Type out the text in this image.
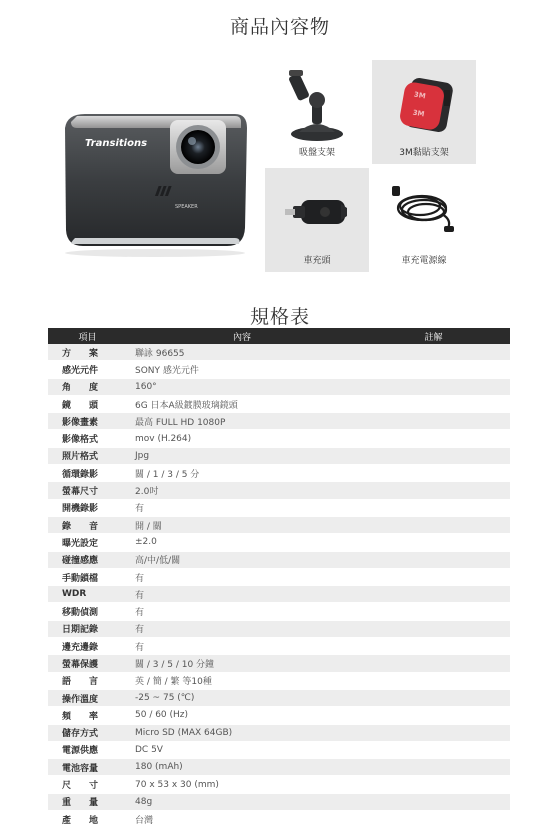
商品內容物
Transitions
SPEAKER
吸盤支架
3M
3M
3M黏貼支架
車充頭	車充電源線
規格表
項目	內容	註解
方　　案	聯詠 96655	
感光元件	SONY 感光元件	
角　　度	160°	
鏡　　頭	6G 日本A級鍍膜玻璃鏡頭	
影像畫素	最高 FULL HD 1080P	
影像格式	mov (H.264)	
照片格式	Jpg	
循環錄影	關 / 1 / 3 / 5 分	
螢幕尺寸	2.0吋	
開機錄影	有	
錄　　音	開 / 關	
曝光設定	±2.0	
碰撞感應	高/中/低/關	
手動鎖檔	有	
WDR	有	
移動偵測	有	
日期記錄	有	
邊充邊錄	有	
螢幕保護	關 / 3 / 5 / 10 分鐘	
語　　言	英 / 簡 / 繁 等10種	
操作溫度	-25 ~ 75 (℃)	
頻　　率	50 / 60 (Hz)	
儲存方式	Micro SD (MAX 64GB)	
電源供應	DC 5V	
電池容量	180 (mAh)	
尺　　寸	70 x 53 x 30 (mm)	
重　　量	48g	
產　　地	台灣	
